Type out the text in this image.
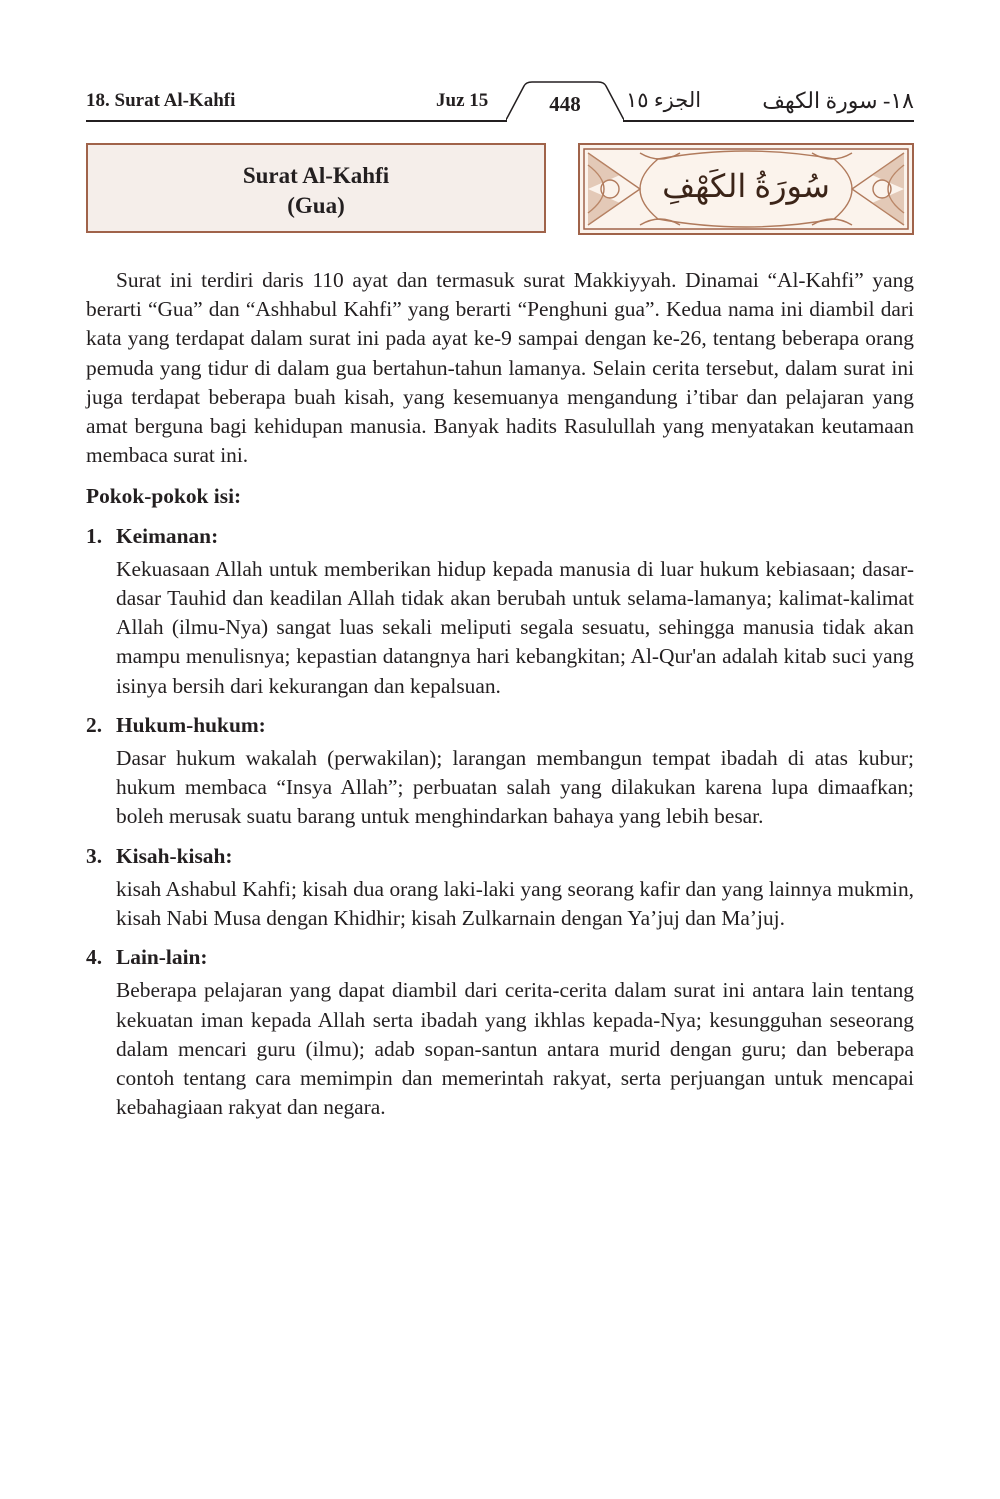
18. Surat Al-Kahfi	Juz 15	448	الجزء ١٥	١٨- سورة الكهف
Surat Al-Kahfi
(Gua)
سُورَةُ الكَهْفِ

Surat ini terdiri daris 110 ayat dan termasuk surat Makkiyyah. Dinamai “Al-Kahfi” yang berarti “Gua” dan “Ashhabul Kahfi” yang berarti “Penghuni gua”. Kedua nama ini diambil dari kata yang terdapat dalam surat ini pada ayat ke-9 sampai dengan ke-26, tentang beberapa orang pemuda yang tidur di dalam gua bertahun-tahun lamanya. Selain cerita tersebut, dalam surat ini juga terdapat beberapa buah kisah, yang kesemuanya mengandung i’tibar dan pelajaran yang amat berguna bagi kehidupan manusia. Banyak hadits Rasulullah yang menyatakan keutamaan membaca surat ini.

Pokok-pokok isi:

1. Keimanan:

Kekuasaan Allah untuk memberikan hidup kepada manusia di luar hukum kebiasaan; dasar-dasar Tauhid dan keadilan Allah tidak akan berubah untuk selama-lamanya; kalimat-kalimat Allah (ilmu-Nya) sangat luas sekali meliputi segala sesuatu, sehingga manusia tidak akan mampu menulisnya; kepastian datangnya hari kebangkitan; Al-Qur'an adalah kitab suci yang isinya bersih dari kekurangan dan kepalsuan.

2. Hukum-hukum:

Dasar hukum wakalah (perwakilan); larangan membangun tempat ibadah di atas kubur; hukum membaca “Insya Allah”; perbuatan salah yang dilakukan karena lupa dimaafkan; boleh merusak suatu barang untuk menghindarkan bahaya yang lebih besar.

3. Kisah-kisah:

kisah Ashabul Kahfi; kisah dua orang laki-laki yang seorang kafir dan yang lainnya mukmin, kisah Nabi Musa dengan Khidhir; kisah Zulkarnain dengan Ya’juj dan Ma’juj.

4. Lain-lain:

Beberapa pelajaran yang dapat diambil dari cerita-cerita dalam surat ini antara lain tentang kekuatan iman kepada Allah serta ibadah yang ikhlas kepada-Nya; kesungguhan seseorang dalam mencari guru (ilmu); adab sopan-santun antara murid dengan guru; dan beberapa contoh tentang cara memimpin dan memerintah rakyat, serta perjuangan untuk mencapai kebahagiaan rakyat dan negara.
